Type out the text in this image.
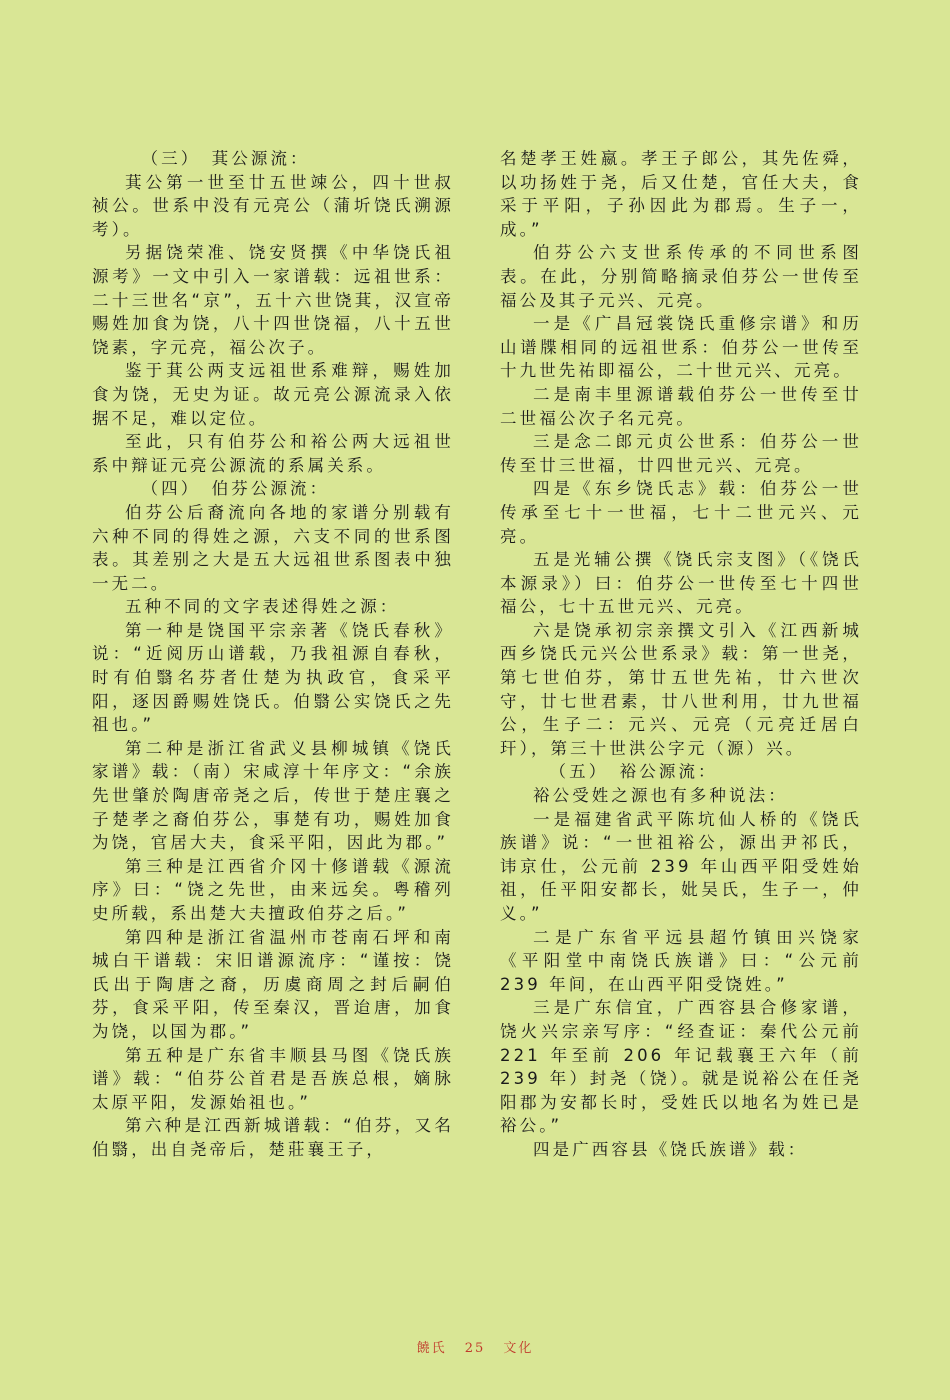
（三）　萁公源流：

萁公第一世至廿五世竦公，四十世叔祯公。世系中没有元亮公（蒲圻饶氏溯源考）。

另据饶荣准、饶安贤撰《中华饶氏祖源考》一文中引入一家谱载：远祖世系：二十三世名“京”，五十六世饶萁，汉宣帝赐姓加食为饶，八十四世饶福，八十五世饶素，字元亮，福公次子。

鉴于萁公两支远祖世系难辩，赐姓加食为饶，无史为证。故元亮公源流录入依据不足，难以定位。

至此，只有伯芬公和裕公两大远祖世系中辩证元亮公源流的系属关系。

（四）　伯芬公源流：

伯芬公后裔流向各地的家谱分别载有六种不同的得姓之源，六支不同的世系图表。其差别之大是五大远祖世系图表中独一无二。

五种不同的文字表述得姓之源：

第一种是饶国平宗亲著《饶氏春秋》说：“近阅历山谱载，乃我祖源自春秋，时有伯翳名芬者仕楚为执政官，食采平阳，逐因爵赐姓饶氏。伯翳公实饶氏之先祖也。”

第二种是浙江省武义县柳城镇《饶氏家谱》载：（南）宋咸淳十年序文：“余族先世肇於陶唐帝尧之后，传世于楚庄襄之子楚孝之裔伯芬公，事楚有功，赐姓加食为饶，官居大夫，食采平阳，因此为郡。”

第三种是江西省介冈十修谱载《源流序》曰：“饶之先世，由来远矣。粤稽列史所载，系出楚大夫擅政伯芬之后。”

第四种是浙江省温州市苍南石坪和南城白干谱载：宋旧谱源流序：“谨按：饶氏出于陶唐之裔，历虞商周之封后嗣伯芬，食采平阳，传至秦汉，晋迨唐，加食为饶，以国为郡。”

第五种是广东省丰顺县马图《饶氏族谱》载：“伯芬公首君是吾族总根，嫡脉太原平阳，发源始祖也。”

第六种是江西新城谱载：“伯芬，又名伯翳，出自尧帝后，楚莊襄王子，

名楚孝王姓嬴。孝王子郎公，其先佐舜，以功扬姓于尧，后又仕楚，官任大夫，食采于平阳，子孙因此为郡焉。生子一，成。”

伯芬公六支世系传承的不同世系图表。在此，分别简略摘录伯芬公一世传至福公及其子元兴、元亮。

一是《广昌冠裳饶氏重修宗谱》和历山谱牒相同的远祖世系：伯芬公一世传至十九世先祐即福公，二十世元兴、元亮。

二是南丰里源谱载伯芬公一世传至廿二世福公次子名元亮。

三是念二郎元贞公世系：伯芬公一世传至廿三世福，廿四世元兴、元亮。

四是《东乡饶氏志》载：伯芬公一世传承至七十一世福，七十二世元兴、元亮。

五是光辅公撰《饶氏宗支图》（《饶氏本源录》）曰：伯芬公一世传至七十四世福公，七十五世元兴、元亮。

六是饶承初宗亲撰文引入《江西新城西乡饶氏元兴公世系录》载：第一世尧，第七世伯芬，第廿五世先祐，廿六世次守，廿七世君素，廿八世利用，廿九世福公，生子二：元兴、元亮（元亮迁居白玕），第三十世洪公字元（源）兴。

（五）　裕公源流：

裕公受姓之源也有多种说法：

一是福建省武平陈坑仙人桥的《饶氏族谱》说：“一世祖裕公，源出尹祁氏，讳京仕，公元前 239 年山西平阳受姓始祖，任平阳安都长，妣吴氏，生子一，仲义。”

二是广东省平远县超竹镇田兴饶家《平阳堂中南饶氏族谱》曰：“公元前 239 年间，在山西平阳受饶姓。”

三是广东信宜，广西容县合修家谱，饶火兴宗亲写序：“经查证：秦代公元前 221 年至前 206 年记载襄王六年（前 239 年）封尧（饶）。就是说裕公在任尧阳郡为安都长时，受姓氏以地名为姓已是裕公。”

四是广西容县《饶氏族谱》载：

饒氏 25 文化
